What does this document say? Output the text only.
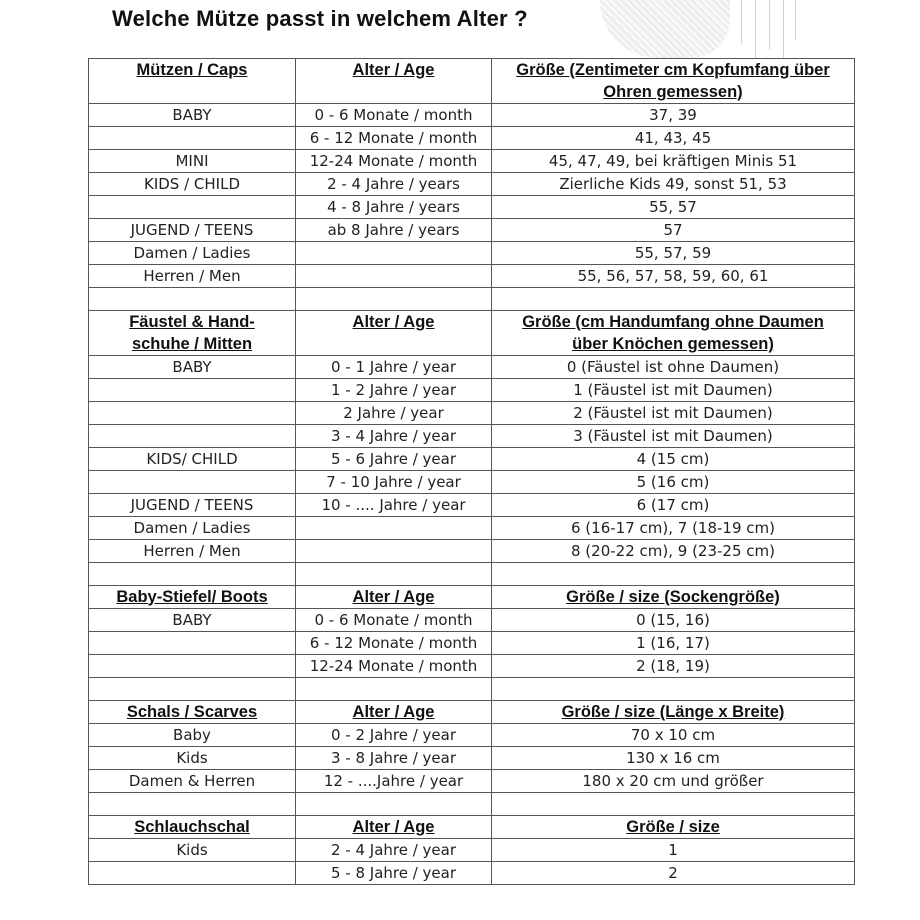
Welche Mütze passt in welchem Alter ?
Mützen / Caps	Alter / Age	Größe (Zentimeter cm Kopfumfang über Ohren gemessen)
BABY	0 - 6 Monate / month	37, 39
	6 - 12 Monate / month	41, 43, 45
MINI	12-24 Monate / month	45, 47, 49, bei kräftigen Minis 51
KIDS / CHILD	2 - 4 Jahre / years	Zierliche Kids 49, sonst 51, 53
	4 - 8 Jahre / years	55, 57
JUGEND / TEENS	ab 8 Jahre / years	57
Damen / Ladies		55, 57, 59
Herren / Men		55, 56, 57, 58, 59, 60, 61

Fäustel & Hand-schuhe / Mitten	Alter / Age	Größe (cm Handumfang ohne Daumen über Knöchen gemessen)
BABY	0 - 1 Jahre / year	0 (Fäustel ist ohne Daumen)
	1 - 2 Jahre / year	1 (Fäustel ist mit Daumen)
	2 Jahre / year	2 (Fäustel ist mit Daumen)
	3 - 4 Jahre / year	3 (Fäustel ist mit Daumen)
KIDS/ CHILD	5 - 6 Jahre / year	4 (15 cm)
	7 - 10 Jahre / year	5 (16 cm)
JUGEND / TEENS	10 - .... Jahre / year	6 (17 cm)
Damen / Ladies		6 (16-17 cm), 7 (18-19 cm)
Herren / Men		8 (20-22 cm), 9 (23-25 cm)

Baby-Stiefel/ Boots	Alter / Age	Größe / size (Sockengröße)
BABY	0 - 6 Monate / month	0 (15, 16)
	6 - 12 Monate / month	1 (16, 17)
	12-24 Monate / month	2 (18, 19)

Schals / Scarves	Alter / Age	Größe / size (Länge x Breite)
Baby	0 - 2 Jahre / year	70 x 10 cm
Kids	3 - 8 Jahre / year	130 x 16 cm
Damen & Herren	12 - ....Jahre / year	180 x 20 cm und größer

Schlauchschal	Alter / Age	Größe / size
Kids	2 - 4 Jahre / year	1
	5 - 8 Jahre / year	2
